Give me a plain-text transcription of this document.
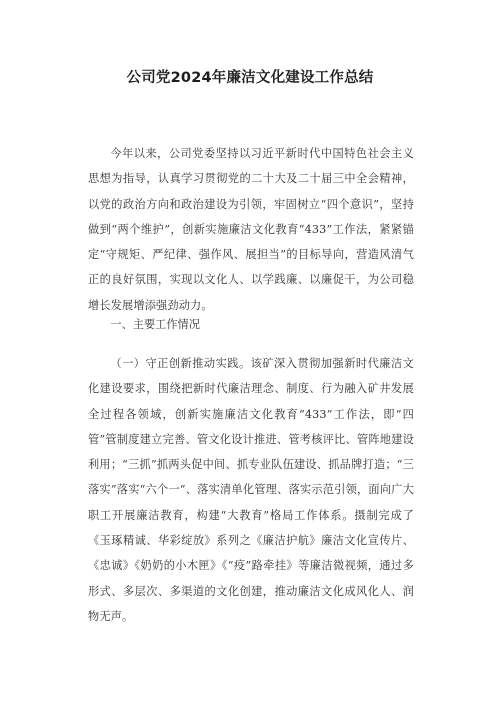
公司党2024年廉洁文化建设工作总结

今年以来，公司党委坚持以习近平新时代中国特色社会主义思想为指导，认真学习贯彻党的二十大及二十届三中全会精神，以党的政治方向和政治建设为引领，牢固树立“四个意识”，坚持做到“两个维护”，创新实施廉洁文化教育“433”工作法，紧紧锚定“守规矩、严纪律、强作风、展担当”的目标导向，营造风清气正的良好氛围，实现以文化人、以学践廉、以廉促干，为公司稳增长发展增添强劲动力。

一、主要工作情况

（一）守正创新推动实践。该矿深入贯彻加强新时代廉洁文化建设要求，围绕把新时代廉洁理念、制度、行为融入矿井发展全过程各领域，创新实施廉洁文化教育“433”工作法，即“四管”管制度建立完善、管文化设计推进、管考核评比、管阵地建设利用；“三抓”抓两头促中间、抓专业队伍建设、抓品牌打造；“三落实”落实“六个一“、落实清单化管理、落实示范引领，面向广大职工开展廉洁教育，构建“大教育”格局工作体系。摄制完成了《玉琢精诚、华彩绽放》系列之《廉洁护航》廉洁文化宣传片、《忠诚》《奶奶的小木匣》《“疫”路牵挂》等廉洁微视频，通过多形式、多层次、多渠道的文化创建，推动廉洁文化成风化人、润物无声。
